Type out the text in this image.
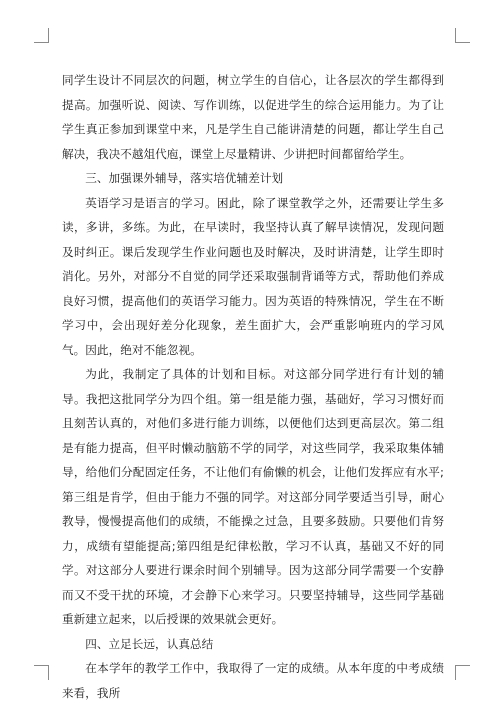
同学生设计不同层次的问题，树立学生的自信心，让各层次的学生都得到提高。加强听说、阅读、写作训练，以促进学生的综合运用能力。为了让学生真正参加到课堂中来，凡是学生自己能讲清楚的问题，都让学生自己解决，我决不越俎代庖，课堂上尽量精讲、少讲把时间都留给学生。

三、加强课外辅导，落实培优辅差计划

英语学习是语言的学习。困此，除了课堂教学之外，还需要让学生多读，多讲，多练。为此，在早读时，我坚持认真了解早读情况，发现问题及时纠正。课后发现学生作业问题也及时解决，及时讲清楚，让学生即时消化。另外，对部分不自觉的同学还采取强制背诵等方式，帮助他们养成良好习惯，提高他们的英语学习能力。因为英语的特殊情况，学生在不断学习中，会出现好差分化现象，差生面扩大，会严重影响班内的学习风气。因此，绝对不能忽视。

为此，我制定了具体的计划和目标。对这部分同学进行有计划的辅导。我把这批同学分为四个组。第一组是能力强，基础好，学习习惯好而且刻苦认真的，对他们多进行能力训练，以便他们达到更高层次。第二组是有能力提高，但平时懒动脑筋不学的同学，对这些同学，我采取集体辅导，给他们分配固定任务，不让他们有偷懒的机会，让他们发挥应有水平;第三组是肯学，但由于能力不强的同学。对这部分同学要适当引导，耐心教导，慢慢提高他们的成绩，不能操之过急，且要多鼓励。只要他们肯努力，成绩有望能提高;第四组是纪律松散，学习不认真，基础又不好的同学。对这部分人要进行课余时间个别辅导。因为这部分同学需要一个安静而又不受干扰的环境，才会静下心来学习。只要坚持辅导，这些同学基础重新建立起来，以后授课的效果就会更好。

四、立足长远，认真总结

在本学年的教学工作中，我取得了一定的成绩。从本年度的中考成绩来看，我所
